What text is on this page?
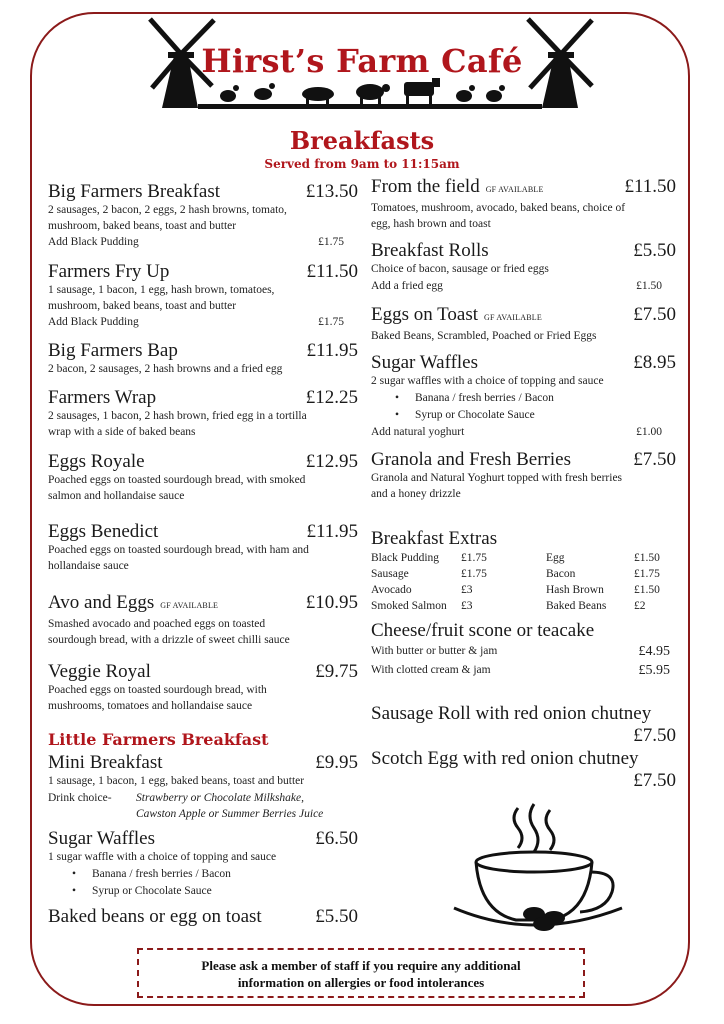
Hirst’s Farm Café
Breakfasts
Served from 9am to 11:15am
Big Farmers Breakfast	£13.50
2 sausages, 2 bacon, 2 eggs, 2 hash browns, tomato,
mushroom, baked beans, toast and butter
Add Black Pudding	£1.75
Farmers Fry Up	£11.50
1 sausage, 1 bacon, 1 egg, hash brown, tomatoes,
mushroom, baked beans, toast and butter
Add Black Pudding	£1.75
Big Farmers Bap	£11.95
2 bacon, 2 sausages, 2 hash browns and a fried egg
Farmers Wrap	£12.25
2 sausages, 1 bacon, 2 hash brown, fried egg in a tortilla
wrap with a side of baked beans
Eggs Royale	£12.95
Poached eggs on toasted sourdough bread, with smoked
salmon and hollandaise sauce
Eggs Benedict	£11.95
Poached eggs on toasted sourdough bread, with ham and
hollandaise sauce
Avo and Eggs GF AVAILABLE	£10.95
Smashed avocado and poached eggs on toasted
sourdough bread, with a drizzle of sweet chilli sauce
Veggie Royal	£9.75
Poached eggs on toasted sourdough bread, with
mushrooms, tomatoes and hollandaise sauce
From the field GF AVAILABLE	£11.50
Tomatoes, mushroom, avocado, baked beans, choice of
egg, hash brown and toast
Breakfast Rolls	£5.50
Choice of bacon, sausage or fried eggs
Add a fried egg	£1.50
Eggs on Toast GF AVAILABLE	£7.50
Baked Beans, Scrambled, Poached or Fried Eggs
Sugar Waffles	£8.95
2 sugar waffles with a choice of topping and sauce
• Banana / fresh berries / Bacon
• Syrup or Chocolate Sauce
Add natural yoghurt	£1.00
Granola and Fresh Berries	£7.50
Granola and Natural Yoghurt topped with fresh berries
and a honey drizzle
Little Farmers Breakfast
Mini Breakfast	£9.95
1 sausage, 1 bacon, 1 egg, baked beans, toast and butter
Drink choice-	Strawberry or Chocolate Milkshake,
Cawston Apple or Summer Berries Juice
Sugar Waffles	£6.50
1 sugar waffle with a choice of topping and sauce
• Banana / fresh berries / Bacon
• Syrup or Chocolate Sauce
Baked beans or egg on toast	£5.50
Breakfast Extras
Black Pudding	£1.75	Egg	£1.50
Sausage	£1.75	Bacon	£1.75
Avocado	£3	Hash Brown	£1.50
Smoked Salmon	£3	Baked Beans	£2
Cheese/fruit scone or teacake
With butter or butter & jam	£4.95
With clotted cream & jam	£5.95
Sausage Roll with red onion chutney
£7.50
Scotch Egg with red onion chutney
£7.50
Please ask a member of staff if you require any additional
information on allergies or food intolerances
